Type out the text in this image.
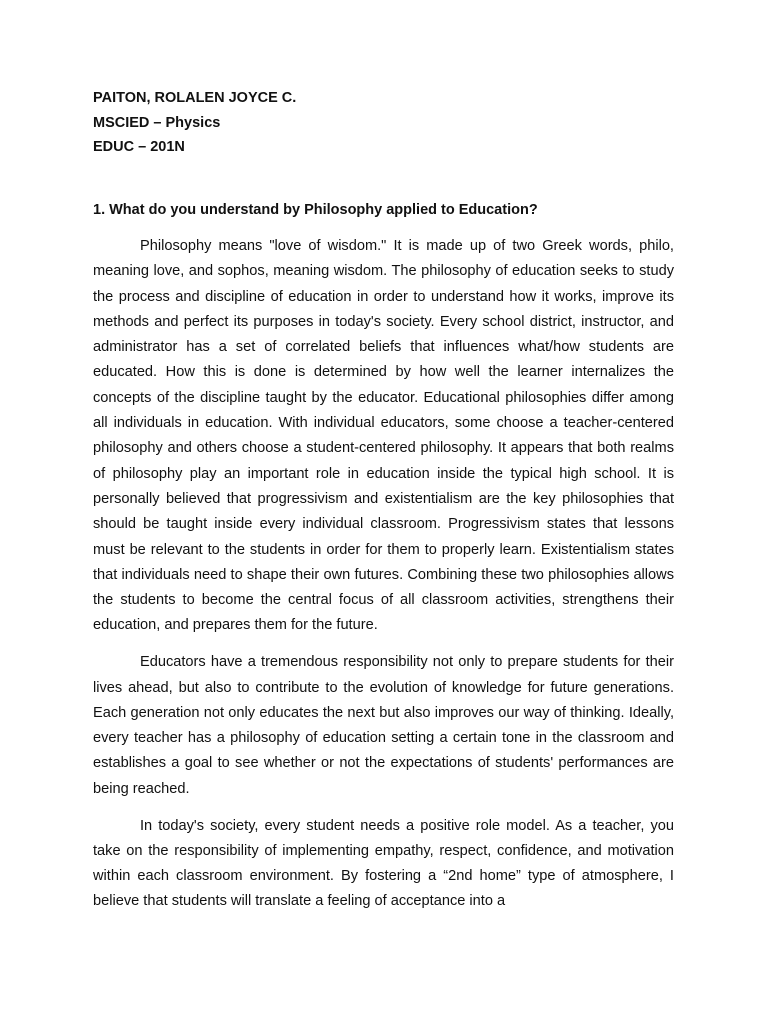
PAITON, ROLALEN JOYCE C.
MSCIED – Physics
EDUC – 201N
1. What do you understand by Philosophy applied to Education?

Philosophy means "love of wisdom." It is made up of two Greek words, philo, meaning love, and sophos, meaning wisdom. The philosophy of education seeks to study the process and discipline of education in order to understand how it works, improve its methods and perfect its purposes in today's society. Every school district, instructor, and administrator has a set of correlated beliefs that influences what/how students are educated. How this is done is determined by how well the learner internalizes the concepts of the discipline taught by the educator. Educational philosophies differ among all individuals in education. With individual educators, some choose a teacher-centered philosophy and others choose a student-centered philosophy. It appears that both realms of philosophy play an important role in education inside the typical high school. It is personally believed that progressivism and existentialism are the key philosophies that should be taught inside every individual classroom. Progressivism states that lessons must be relevant to the students in order for them to properly learn. Existentialism states that individuals need to shape their own futures. Combining these two philosophies allows the students to become the central focus of all classroom activities, strengthens their education, and prepares them for the future.

Educators have a tremendous responsibility not only to prepare students for their lives ahead, but also to contribute to the evolution of knowledge for future generations. Each generation not only educates the next but also improves our way of thinking. Ideally, every teacher has a philosophy of education setting a certain tone in the classroom and establishes a goal to see whether or not the expectations of students' performances are being reached.

In today's society, every student needs a positive role model. As a teacher, you take on the responsibility of implementing empathy, respect, confidence, and motivation within each classroom environment. By fostering a “2nd home” type of atmosphere, I believe that students will translate a feeling of acceptance into a
